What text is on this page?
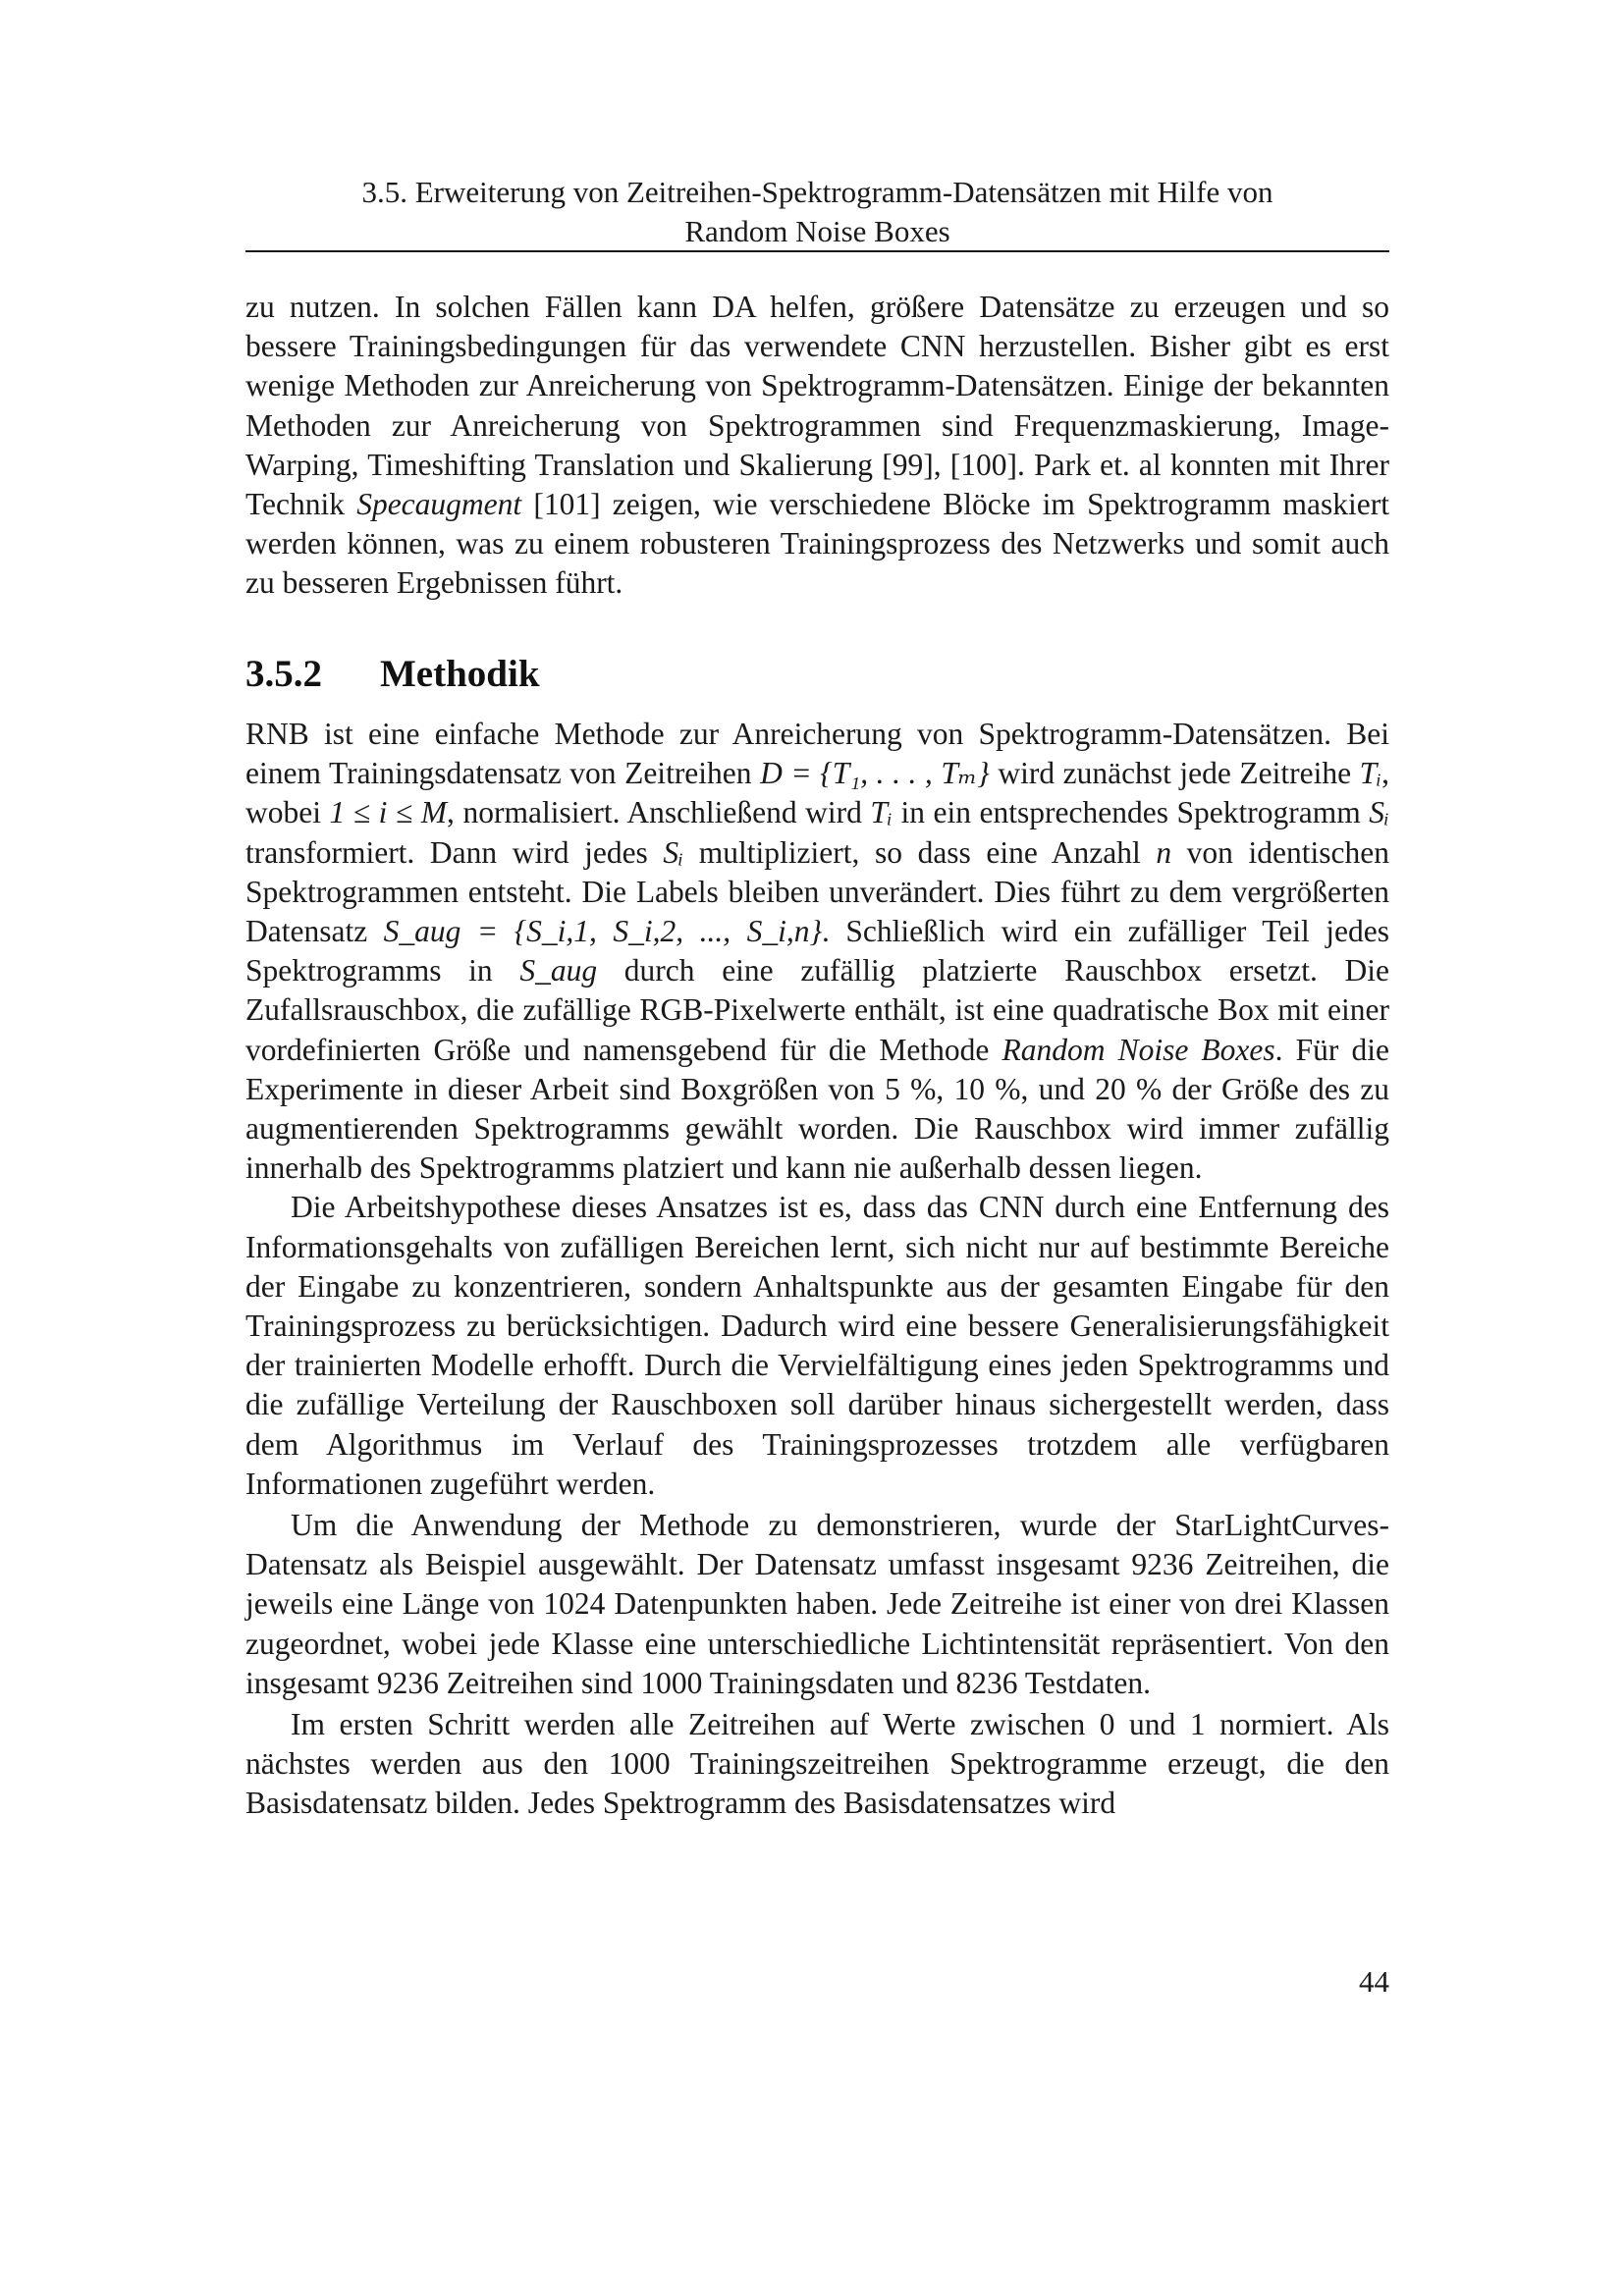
3.5. Erweiterung von Zeitreihen-Spektrogramm-Datensätzen mit Hilfe von
Random Noise Boxes

zu nutzen. In solchen Fällen kann DA helfen, größere Datensätze zu erzeugen und so bessere Trainingsbedingungen für das verwendete CNN herzustellen. Bisher gibt es erst wenige Methoden zur Anreicherung von Spektrogramm-Datensätzen. Einige der bekannten Methoden zur Anreicherung von Spektrogrammen sind Frequenzmaskierung, Image-Warping, Timeshifting Translation und Skalierung [99], [100]. Park et. al konnten mit Ihrer Technik Specaugment [101] zeigen, wie verschiedene Blöcke im Spektrogramm maskiert werden können, was zu einem robusteren Trainingsprozess des Netzwerks und somit auch zu besseren Ergebnissen führt.

3.5.2 Methodik

RNB ist eine einfache Methode zur Anreicherung von Spektrogramm-Datensätzen. Bei einem Trainingsdatensatz von Zeitreihen D = {T₁, . . . , Tₘ} wird zunächst jede Zeitreihe Tᵢ, wobei 1 ≤ i ≤ M, normalisiert. Anschließend wird Tᵢ in ein entsprechendes Spektrogramm Sᵢ transformiert. Dann wird jedes Sᵢ multipliziert, so dass eine Anzahl n von identischen Spektrogrammen entsteht. Die Labels bleiben unverändert. Dies führt zu dem vergrößerten Datensatz S_aug = {S_i,1, S_i,2, ..., S_i,n}. Schließlich wird ein zufälliger Teil jedes Spektrogramms in S_aug durch eine zufällig platzierte Rauschbox ersetzt. Die Zufallsrauschbox, die zufällige RGB-Pixelwerte enthält, ist eine quadratische Box mit einer vordefinierten Größe und namensgebend für die Methode Random Noise Boxes. Für die Experimente in dieser Arbeit sind Boxgrößen von 5 %, 10 %, und 20 % der Größe des zu augmentierenden Spektrogramms gewählt worden. Die Rauschbox wird immer zufällig innerhalb des Spektrogramms platziert und kann nie außerhalb dessen liegen.

Die Arbeitshypothese dieses Ansatzes ist es, dass das CNN durch eine Entfernung des Informationsgehalts von zufälligen Bereichen lernt, sich nicht nur auf bestimmte Bereiche der Eingabe zu konzentrieren, sondern Anhaltspunkte aus der gesamten Eingabe für den Trainingsprozess zu berücksichtigen. Dadurch wird eine bessere Generalisierungsfähigkeit der trainierten Modelle erhofft. Durch die Vervielfältigung eines jeden Spektrogramms und die zufällige Verteilung der Rauschboxen soll darüber hinaus sichergestellt werden, dass dem Algorithmus im Verlauf des Trainingsprozesses trotzdem alle verfügbaren Informationen zugeführt werden.

Um die Anwendung der Methode zu demonstrieren, wurde der StarLightCurves-Datensatz als Beispiel ausgewählt. Der Datensatz umfasst insgesamt 9236 Zeitreihen, die jeweils eine Länge von 1024 Datenpunkten haben. Jede Zeitreihe ist einer von drei Klassen zugeordnet, wobei jede Klasse eine unterschiedliche Lichtintensität repräsentiert. Von den insgesamt 9236 Zeitreihen sind 1000 Trainingsdaten und 8236 Testdaten.

Im ersten Schritt werden alle Zeitreihen auf Werte zwischen 0 und 1 normiert. Als nächstes werden aus den 1000 Trainingszeitreihen Spektrogramme erzeugt, die den Basisdatensatz bilden. Jedes Spektrogramm des Basisdatensatzes wird

44
